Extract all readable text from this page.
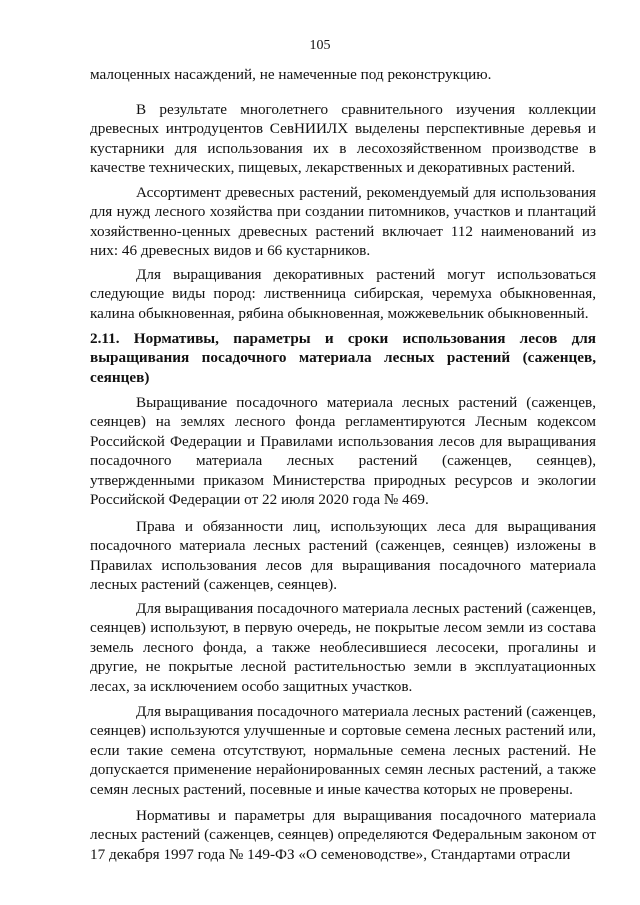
105

малоценных насаждений, не намеченные под реконструкцию.

В результате многолетнего сравнительного изучения коллекции древесных интродуцентов СевНИИЛХ выделены перспективные деревья и кустарники для использования их в лесохозяйственном производстве в качестве технических, пищевых, лекарственных и декоративных растений.

Ассортимент древесных растений, рекомендуемый для использования для нужд лесного хозяйства при создании питомников, участков и плантаций хозяйственно-ценных древесных растений включает 112 наименований из них: 46 древесных видов и 66 кустарников.

Для выращивания декоративных растений могут использоваться следующие виды пород: лиственница сибирская, черемуха обыкновенная, калина обыкновенная, рябина обыкновенная, можжевельник обыкновенный.

2.11. Нормативы, параметры и сроки использования лесов для выращивания посадочного материала лесных растений (саженцев, сеянцев)

Выращивание посадочного материала лесных растений (саженцев, сеянцев) на землях лесного фонда регламентируются Лесным кодексом Российской Федерации и Правилами использования лесов для выращивания посадочного материала лесных растений (саженцев, сеянцев), утвержденными приказом Министерства природных ресурсов и экологии Российской Федерации от 22 июля 2020 года № 469.

Права и обязанности лиц, использующих леса для выращивания посадочного материала лесных растений (саженцев, сеянцев) изложены в Правилах использования лесов для выращивания посадочного материала лесных растений (саженцев, сеянцев).

Для выращивания посадочного материала лесных растений (саженцев, сеянцев) используют, в первую очередь, не покрытые лесом земли из состава земель лесного фонда, а также необлесившиеся лесосеки, прогалины и другие, не покрытые лесной растительностью земли в эксплуатационных лесах, за исключением особо защитных участков.

Для выращивания посадочного материала лесных растений (саженцев, сеянцев) используются улучшенные и сортовые семена лесных растений или, если такие семена отсутствуют, нормальные семена лесных растений. Не допускается применение нерайонированных семян лесных растений, а также семян лесных растений, посевные и иные качества которых не проверены.

Нормативы и параметры для выращивания посадочного материала лесных растений (саженцев, сеянцев) определяются Федеральным законом от 17 декабря 1997 года № 149-ФЗ «О семеноводстве», Стандартами отрасли
